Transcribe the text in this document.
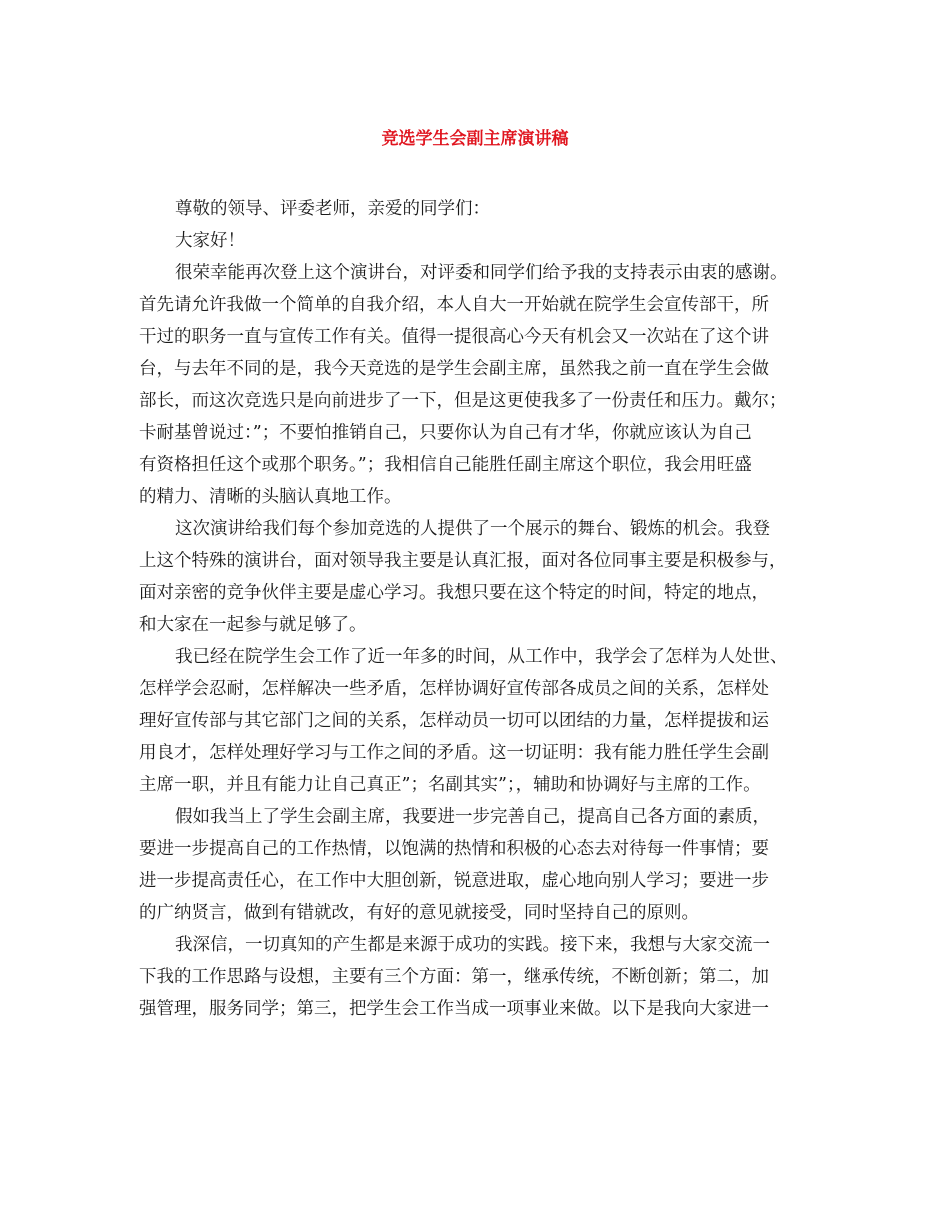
竞选学生会副主席演讲稿
尊敬的领导、评委老师，亲爱的同学们：
大家好！
很荣幸能再次登上这个演讲台，对评委和同学们给予我的支持表示由衷的感谢。
首先请允许我做一个简单的自我介绍，本人自大一开始就在院学生会宣传部干，所
干过的职务一直与宣传工作有关。值得一提很高心今天有机会又一次站在了这个讲
台，与去年不同的是，我今天竞选的是学生会副主席，虽然我之前一直在学生会做
部长，而这次竞选只是向前进步了一下，但是这更使我多了一份责任和压力。戴尔；
卡耐基曾说过：”；不要怕推销自己，只要你认为自己有才华，你就应该认为自己
有资格担任这个或那个职务。”；我相信自己能胜任副主席这个职位，我会用旺盛
的精力、清晰的头脑认真地工作。
这次演讲给我们每个参加竞选的人提供了一个展示的舞台、锻炼的机会。我登
上这个特殊的演讲台，面对领导我主要是认真汇报，面对各位同事主要是积极参与，
面对亲密的竞争伙伴主要是虚心学习。我想只要在这个特定的时间，特定的地点，
和大家在一起参与就足够了。
我已经在院学生会工作了近一年多的时间，从工作中，我学会了怎样为人处世、
怎样学会忍耐，怎样解决一些矛盾，怎样协调好宣传部各成员之间的关系，怎样处
理好宣传部与其它部门之间的关系，怎样动员一切可以团结的力量，怎样提拔和运
用良才，怎样处理好学习与工作之间的矛盾。这一切证明：我有能力胜任学生会副
主席一职，并且有能力让自己真正”；名副其实”；，辅助和协调好与主席的工作。
假如我当上了学生会副主席，我要进一步完善自己，提高自己各方面的素质，
要进一步提高自己的工作热情，以饱满的热情和积极的心态去对待每一件事情；要
进一步提高责任心，在工作中大胆创新，锐意进取，虚心地向别人学习；要进一步
的广纳贤言，做到有错就改，有好的意见就接受，同时坚持自己的原则。
我深信，一切真知的产生都是来源于成功的实践。接下来，我想与大家交流一
下我的工作思路与设想，主要有三个方面：第一，继承传统，不断创新；第二，加
强管理，服务同学；第三，把学生会工作当成一项事业来做。以下是我向大家进一
